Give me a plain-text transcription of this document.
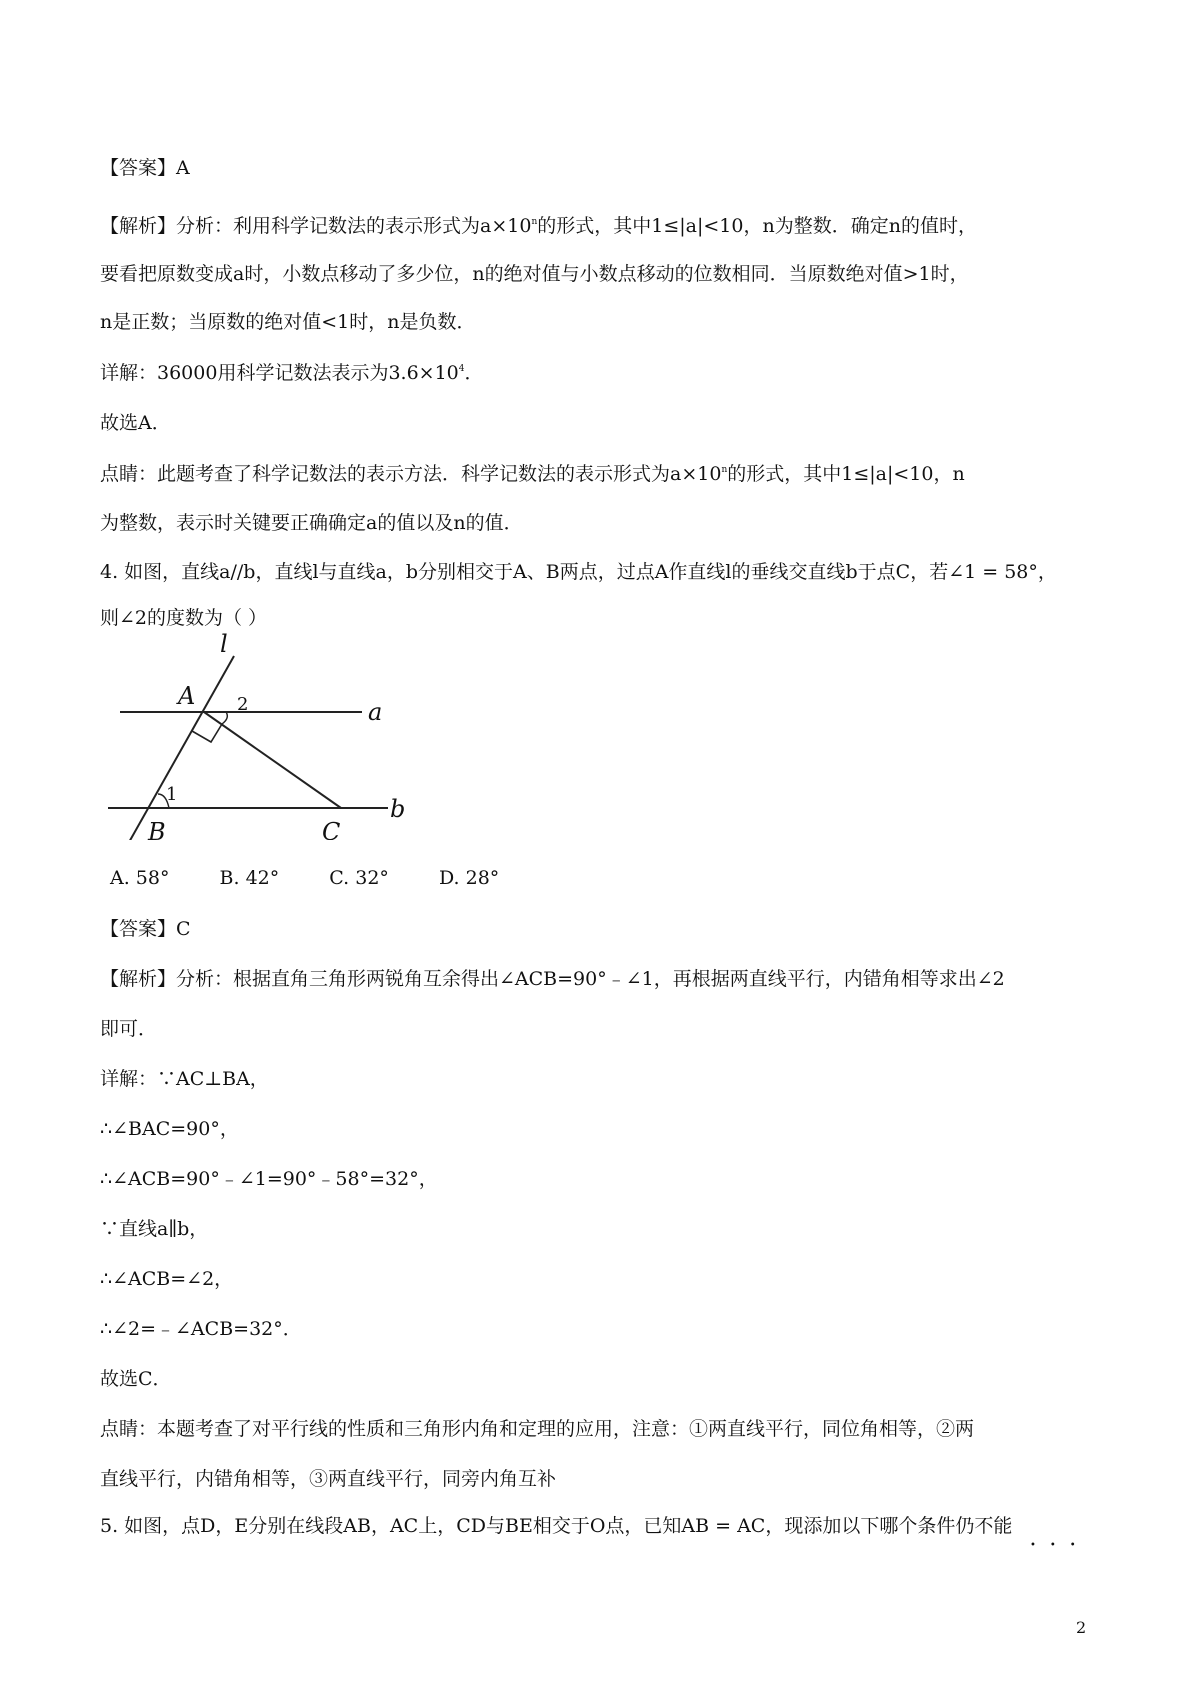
【答案】A
【解析】分析：利用科学记数法的表示形式为$a\times 10^n$的形式，其中1≤|a|<10，n为整数．确定n的值时，
要看把原数变成a时，小数点移动了多少位，n的绝对值与小数点移动的位数相同．当原数绝对值>1时，
n是正数；当原数的绝对值<1时，n是负数．
详解：36000用科学记数法表示为$3.6\times 10^4$．
故选A．
点睛：此题考查了科学记数法的表示方法．科学记数法的表示形式为$a\times 10^n$的形式，其中1≤|a|<10，n
为整数，表示时关键要正确确定a的值以及n的值．
4. 如图，直线a//b，直线l与直线a，b分别相交于A、B两点，过点A作直线l的垂线交直线b于点C，若∠1 = 58°，
则∠2的度数为（ ）
l
A
a
b
B	C
2
1
A. 58°	B. 42°	C. 32°	D. 28°
【答案】C
【解析】分析：根据直角三角形两锐角互余得出∠ACB=90°﹣∠1，再根据两直线平行，内错角相等求出∠2
即可．
详解：∵AC⊥BA，
∴∠BAC=90°，
∴∠ACB=90°﹣∠1=90°﹣58°=32°，
∵直线a∥b，
∴∠ACB=∠2，
∴∠2=﹣∠ACB=32°．
故选C．
点睛：本题考查了对平行线的性质和三角形内角和定理的应用，注意：①两直线平行，同位角相等，②两
直线平行，内错角相等，③两直线平行，同旁内角互补
5. 如图，点D，E分别在线段AB，AC上，CD与BE相交于O点，已知AB = AC，现添加以下哪个条件仍不能
•••
2
